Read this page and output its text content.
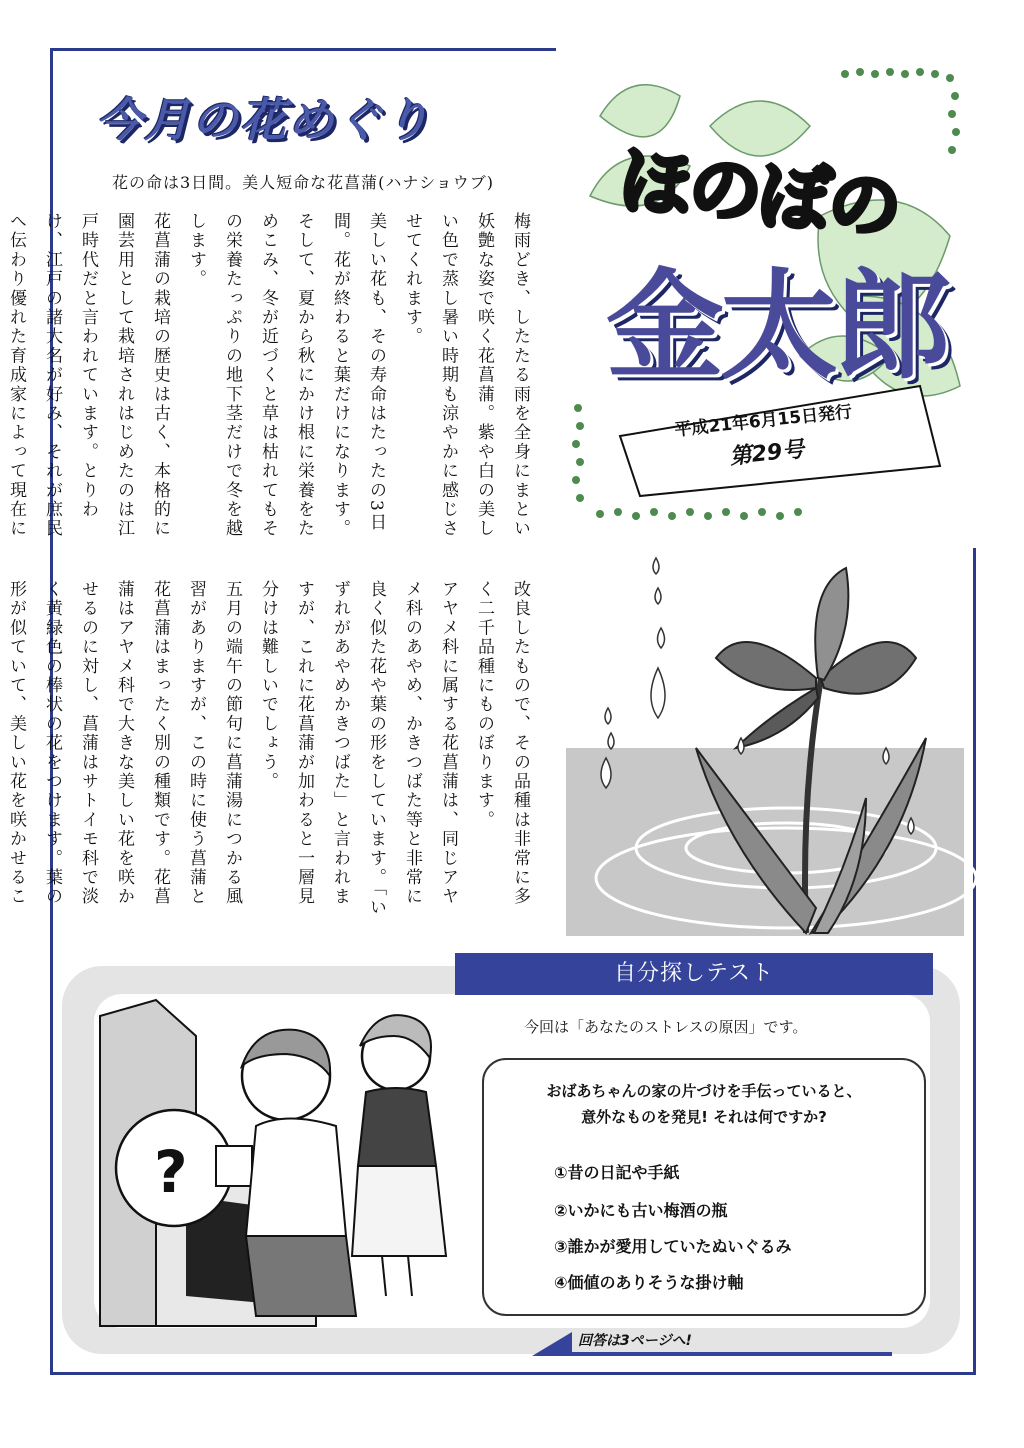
今月の花めぐり
花の命は3日間。美人短命な花菖蒲(ハナショウブ)

梅雨どき、したたる雨を全身にまとい妖艶な姿で咲く花菖蒲。紫や白の美しい色で蒸し暑い時期も涼やかに感じさせてくれます。

美しい花も、その寿命はたったの3日間。花が終わると葉だけになります。そして、夏から秋にかけ根に栄養をためこみ、冬が近づくと草は枯れてもその栄養たっぷりの地下茎だけで冬を越します。

花菖蒲の栽培の歴史は古く、本格的に園芸用として栽培されはじめたのは江戸時代だと言われています。とりわけ、江戸の諸大名が好み、それが庶民へ伝わり優れた育成家によって現在に

改良したもので、その品種は非常に多く二千品種にものぼります。

アヤメ科に属する花菖蒲は、同じアヤメ科のあやめ、かきつばた等と非常に良く似た花や葉の形をしています。「いずれがあやめかきつばた」と言われますが、これに花菖蒲が加わると一層見分けは難しいでしょう。

五月の端午の節句に菖蒲湯につかる風習がありますが、この時に使う菖蒲と花菖蒲はまったく別の種類です。花菖蒲はアヤメ科で大きな美しい花を咲かせるのに対し、菖蒲はサトイモ科で淡く黄緑色の棒状の花をつけます。葉の形が似ていて、美しい花を咲かせるこ

ほのぼの
金太郎
平成21年6月15日発行
第29号
自分探しテスト
今回は「あなたのストレスの原因」です。
?
おばあちゃんの家の片づけを手伝っていると、
意外なものを発見! それは何ですか?
①昔の日記や手紙
②いかにも古い梅酒の瓶
③誰かが愛用していたぬいぐるみ
④価値のありそうな掛け軸
回答は3ページへ!
